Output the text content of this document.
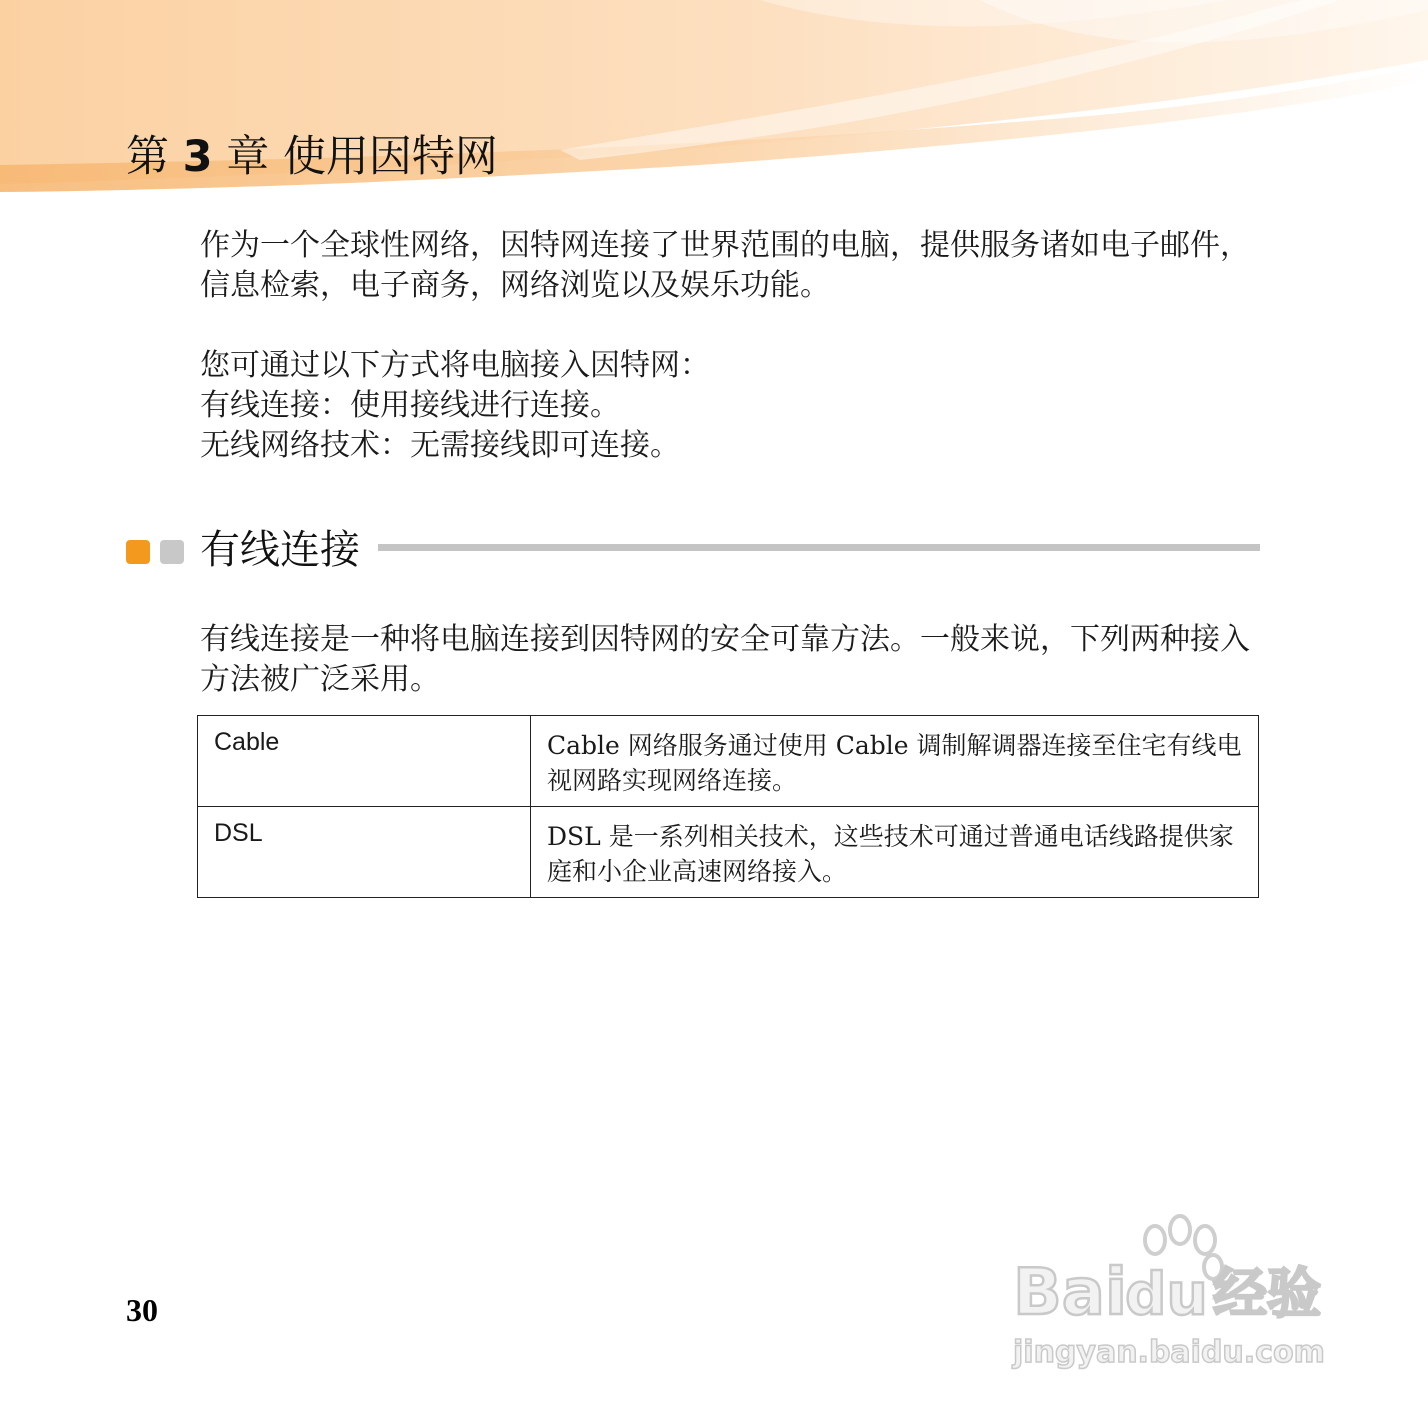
第 3 章 使用因特网

作为一个全球性网络，因特网连接了世界范围的电脑，提供服务诸如电子邮件，信息检索，电子商务，网络浏览以及娱乐功能。

您可通过以下方式将电脑接入因特网：
有线连接：使用接线进行连接。
无线网络技术：无需接线即可连接。
有线连接

有线连接是一种将电脑连接到因特网的安全可靠方法。一般来说，下列两种接入方法被广泛采用。

Cable	Cable 网络服务通过使用 Cable 调制解调器连接至住宅有线电视网路实现网络连接。
DSL	DSL 是一系列相关技术，这些技术可通过普通电话线路提供家庭和小企业高速网络接入。
30	Bai
du 经验
jingyan.baidu.com
